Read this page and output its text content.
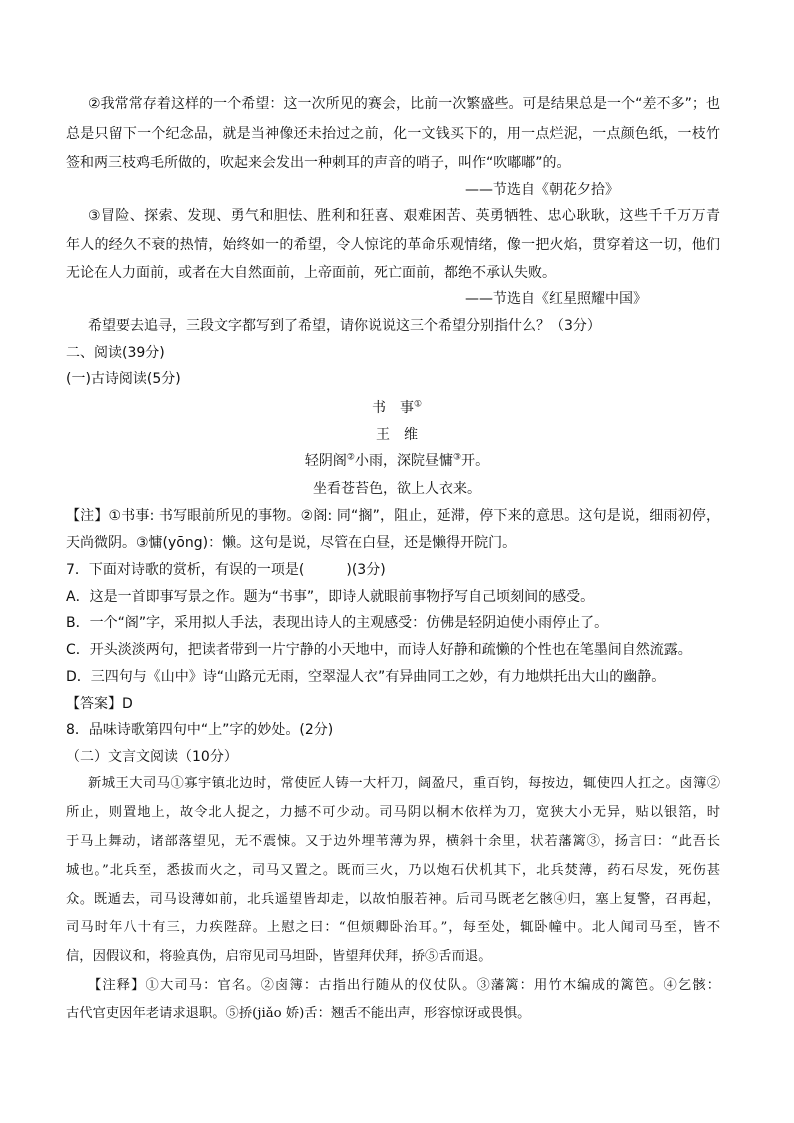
②我常常存着这样的一个希望：这一次所见的赛会，比前一次繁盛些。可是结果总是一个“差不多”；也
总是只留下一个纪念品，就是当神像还未抬过之前，化一文钱买下的，用一点烂泥，一点颜色纸，一枝竹
签和两三枝鸡毛所做的，吹起来会发出一种刺耳的声音的哨子，叫作“吹嘟嘟”的。
——节选自《朝花夕拾》
③冒险、探索、发现、勇气和胆怯、胜利和狂喜、艰难困苦、英勇牺牲、忠心耿耿，这些千千万万青
年人的经久不衰的热情，始终如一的希望，令人惊诧的革命乐观情绪，像一把火焰，贯穿着这一切，他们
无论在人力面前，或者在大自然面前，上帝面前，死亡面前，都绝不承认失败。
——节选自《红星照耀中国》
希望要去追寻，三段文字都写到了希望，请你说说这三个希望分别指什么？（3分）
二、阅读(39分)
(一)古诗阅读(5分)
书　事①
王　维
轻阴阁②小雨，深院昼慵③开。
坐看苍苔色，欲上人衣来。
【注】①书事: 书写眼前所见的事物。②阁: 同“搁”，阻止，延滞，停下来的意思。这句是说，细雨初停，
天尚微阴。③慵(yōng)：懒。这句是说，尽管在白昼，还是懒得开院门。
7．下面对诗歌的赏析，有误的一项是(　　　)(3分)
A．这是一首即事写景之作。题为“书事”，即诗人就眼前事物抒写自己顷刻间的感受。
B．一个“阁”字，采用拟人手法，表现出诗人的主观感受：仿佛是轻阴迫使小雨停止了。
C．开头淡淡两句，把读者带到一片宁静的小天地中，而诗人好静和疏懒的个性也在笔墨间自然流露。
D．三四句与《山中》诗“山路元无雨，空翠湿人衣”有异曲同工之妙，有力地烘托出大山的幽静。
【答案】D
8．品味诗歌第四句中“上”字的妙处。(2分)
（二）文言文阅读（10分）
新城王大司马①寡宇镇北边时，常使匠人铸一大杆刀，阔盈尺，重百钧，每按边，辄使四人扛之。卤簿②
所止，则置地上，故令北人捉之，力撼不可少动。司马阴以桐木依样为刀，宽狭大小无异，贴以银箔，时
于马上舞动，诸部落望见，无不震悚。又于边外埋苇薄为界，横斜十余里，状若藩篱③，扬言曰：“此吾长
城也。”北兵至，悉拔而火之，司马又置之。既而三火，乃以炮石伏机其下，北兵焚薄，药石尽发，死伤甚
众。既遁去，司马设薄如前，北兵遥望皆却走，以故怕服若神。后司马既老乞骸④归，塞上复警，召再起，
司马时年八十有三，力疾陛辞。上慰之曰：“但烦卿卧治耳。”，每至处，辄卧幢中。北人闻司马至，皆不
信，因假议和，将验真伪，启帘见司马坦卧，皆望拜伏拜，挢⑤舌而退。
【注释】①大司马：官名。②卤簿：古指出行随从的仪仗队。③藩篱：用竹木编成的篱笆。④乞骸：
古代官吏因年老请求退职。⑤挢(jiǎo 娇)舌：翘舌不能出声，形容惊讶或畏惧。
